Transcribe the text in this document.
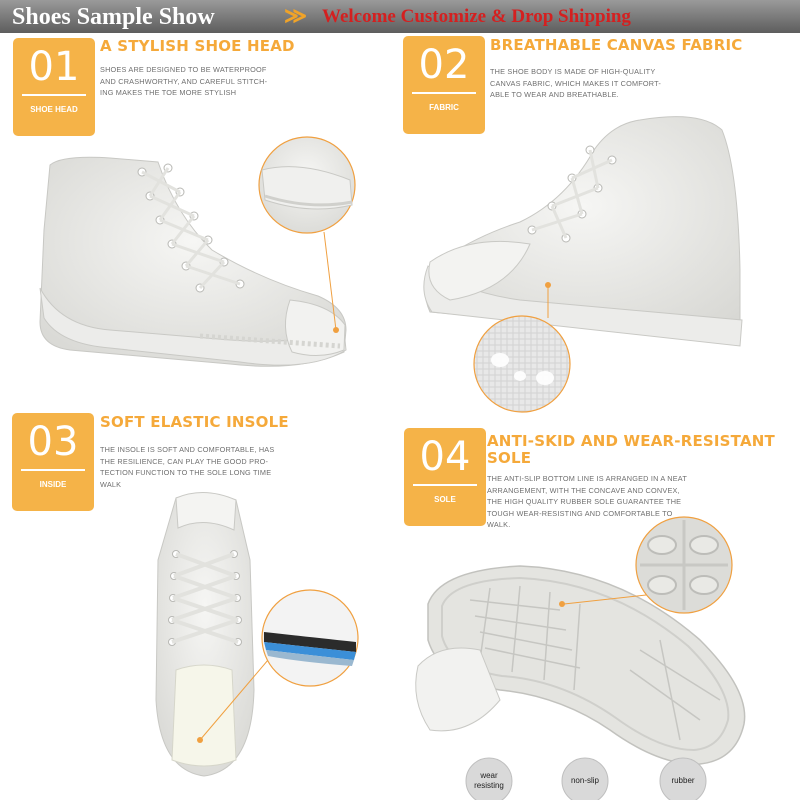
Shoes Sample Show	≫ Welcome Customize & Drop Shipping
01
SHOE HEAD
02
FABRIC
03
INSIDE
04
SOLE
A STYLISH SHOE HEAD	BREATHABLE CANVAS FABRIC
SOFT ELASTIC INSOLE
ANTI-SKID AND WEAR-RESISTANT
SOLE
SHOES ARE DESIGNED TO BE WATERPROOF
AND CRASHWORTHY, AND CAREFUL STITCH-
ING MAKES THE TOE MORE STYLISH
THE SHOE BODY IS MADE OF HIGH-QUALITY
CANVAS FABRIC, WHICH MAKES IT COMFORT-
ABLE TO WEAR AND BREATHABLE.
THE INSOLE IS SOFT AND COMFORTABLE, HAS
THE RESILIENCE, CAN PLAY THE GOOD PRO-
TECTION FUNCTION TO THE SOLE LONG TIME
WALK
THE ANTI-SLIP BOTTOM LINE IS ARRANGED IN A NEAT
ARRANGEMENT, WITH THE CONCAVE AND CONVEX,
THE HIGH QUALITY RUBBER SOLE GUARANTEE THE
TOUGH WEAR-RESISTING AND COMFORTABLE TO
WALK.
wear
resisting
non-slip	rubber
